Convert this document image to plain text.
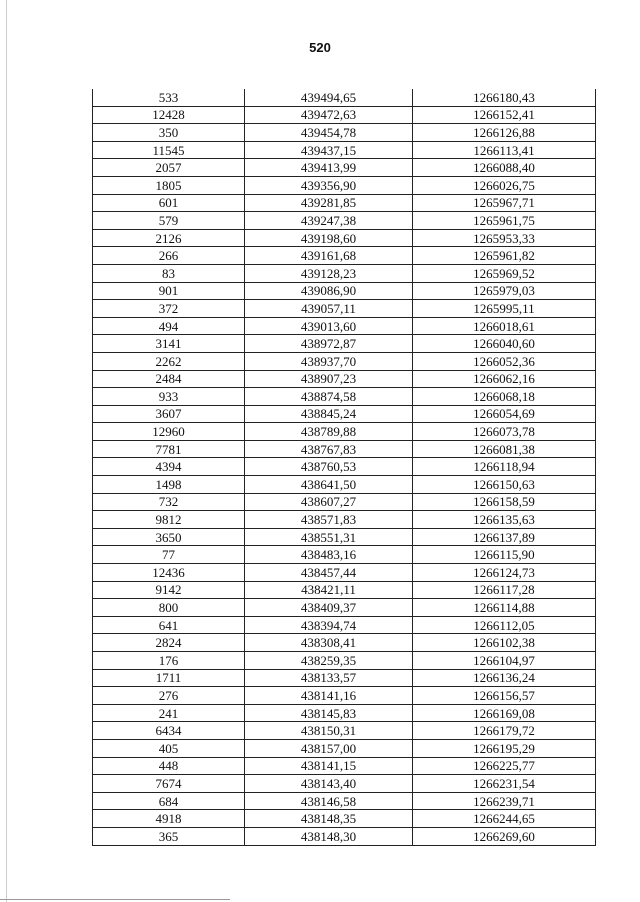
520
533	439494,65	1266180,43
12428	439472,63	1266152,41
350	439454,78	1266126,88
11545	439437,15	1266113,41
2057	439413,99	1266088,40
1805	439356,90	1266026,75
601	439281,85	1265967,71
579	439247,38	1265961,75
2126	439198,60	1265953,33
266	439161,68	1265961,82
83	439128,23	1265969,52
901	439086,90	1265979,03
372	439057,11	1265995,11
494	439013,60	1266018,61
3141	438972,87	1266040,60
2262	438937,70	1266052,36
2484	438907,23	1266062,16
933	438874,58	1266068,18
3607	438845,24	1266054,69
12960	438789,88	1266073,78
7781	438767,83	1266081,38
4394	438760,53	1266118,94
1498	438641,50	1266150,63
732	438607,27	1266158,59
9812	438571,83	1266135,63
3650	438551,31	1266137,89
77	438483,16	1266115,90
12436	438457,44	1266124,73
9142	438421,11	1266117,28
800	438409,37	1266114,88
641	438394,74	1266112,05
2824	438308,41	1266102,38
176	438259,35	1266104,97
1711	438133,57	1266136,24
276	438141,16	1266156,57
241	438145,83	1266169,08
6434	438150,31	1266179,72
405	438157,00	1266195,29
448	438141,15	1266225,77
7674	438143,40	1266231,54
684	438146,58	1266239,71
4918	438148,35	1266244,65
365	438148,30	1266269,60
